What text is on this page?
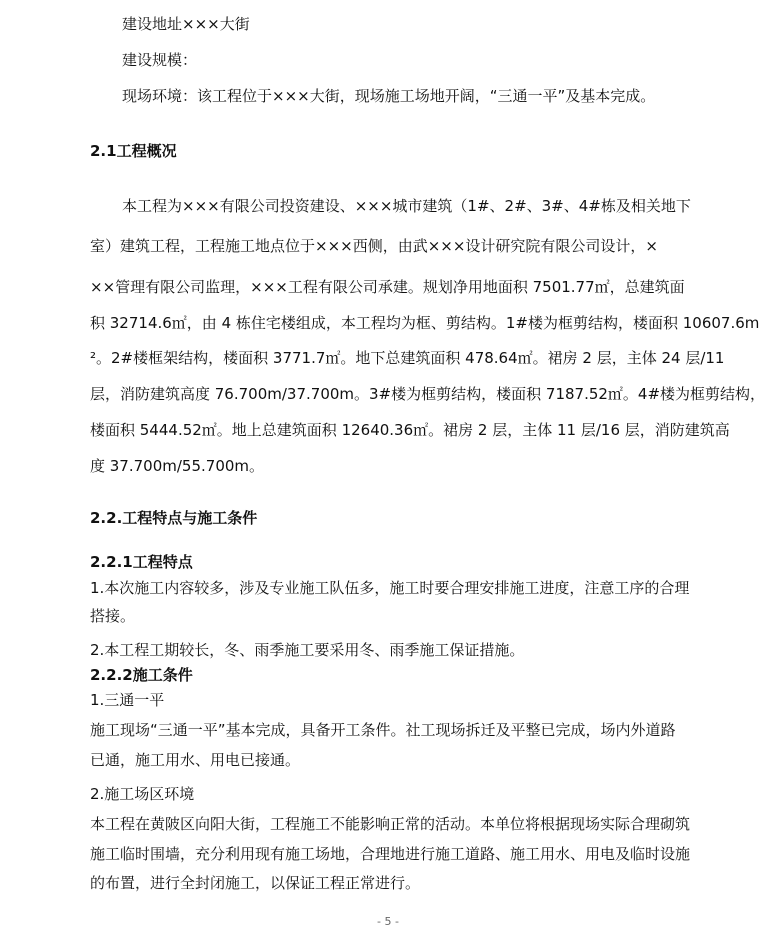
建设地址×××大街
建设规模：
现场环境：该工程位于×××大街，现场施工场地开阔，“三通一平”及基本完成。
2.1工程概况
本工程为×××有限公司投资建设、×××城市建筑（1#、2#、3#、4#栋及相关地下
室）建筑工程，工程施工地点位于×××西侧，由武×××设计研究院有限公司设计，×
××管理有限公司监理，×××工程有限公司承建。规划净用地面积 7501.77㎡，总建筑面
积 32714.6㎡，由 4 栋住宅楼组成，本工程均为框、剪结构。1#楼为框剪结构，楼面积 10607.6m
²。2#楼框架结构，楼面积 3771.7㎡。地下总建筑面积 478.64㎡。裙房 2 层，主体 24 层/11
层，消防建筑高度 76.700m/37.700m。3#楼为框剪结构，楼面积 7187.52㎡。4#楼为框剪结构，
楼面积 5444.52㎡。地上总建筑面积 12640.36㎡。裙房 2 层，主体 11 层/16 层，消防建筑高
度 37.700m/55.700m。
2.2.工程特点与施工条件
2.2.1工程特点
1.本次施工内容较多，涉及专业施工队伍多，施工时要合理安排施工进度，注意工序的合理
搭接。
2.本工程工期较长，冬、雨季施工要采用冬、雨季施工保证措施。
2.2.2施工条件
1.三通一平
施工现场“三通一平”基本完成，具备开工条件。社工现场拆迁及平整已完成，场内外道路
已通，施工用水、用电已接通。
2.施工场区环境
本工程在黄陂区向阳大街，工程施工不能影响正常的活动。本单位将根据现场实际合理砌筑
施工临时围墙，充分利用现有施工场地，合理地进行施工道路、施工用水、用电及临时设施
的布置，进行全封闭施工，以保证工程正常进行。
- 5 -
